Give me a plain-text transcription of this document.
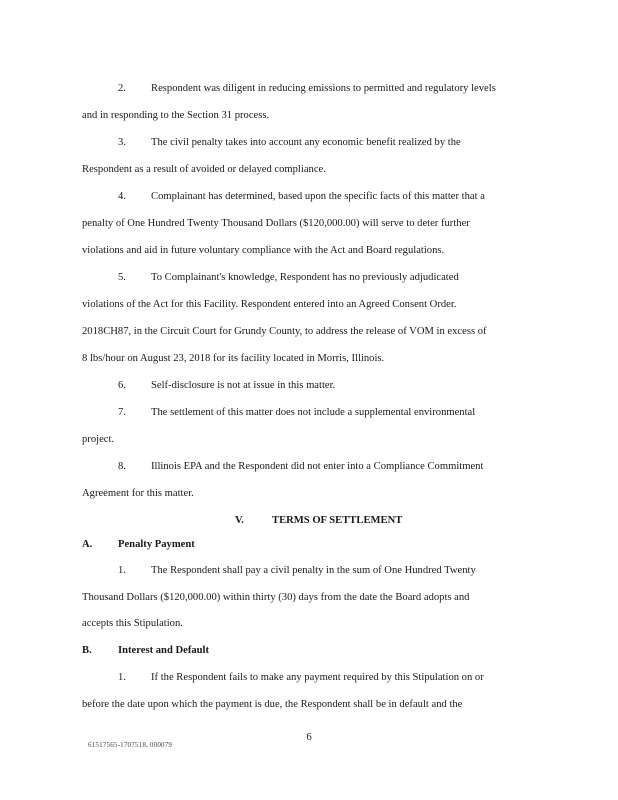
2. Respondent was diligent in reducing emissions to permitted and regulatory levels
and in responding to the Section 31 process.
3. The civil penalty takes into account any economic benefit realized by the
Respondent as a result of avoided or delayed compliance.
4. Complainant has determined, based upon the specific facts of this matter that a
penalty of One Hundred Twenty Thousand Dollars ($120,000.00) will serve to deter further
violations and aid in future voluntary compliance with the Act and Board regulations.
5. To Complainant's knowledge, Respondent has no previously adjudicated
violations of the Act for this Facility. Respondent entered into an Agreed Consent Order.
2018CH87, in the Circuit Court for Grundy County, to address the release of VOM in excess of
8 lbs/hour on August 23, 2018 for its facility located in Morris, Illinois.
6. Self-disclosure is not at issue in this matter.
7. The settlement of this matter does not include a supplemental environmental
project.
8. Illinois EPA and the Respondent did not enter into a Compliance Commitment
Agreement for this matter.
V.	TERMS OF SETTLEMENT
A. Penalty Payment
1. The Respondent shall pay a civil penalty in the sum of One Hundred Twenty
Thousand Dollars ($120,000.00) within thirty (30) days from the date the Board adopts and
accepts this Stipulation.
B. Interest and Default
1. If the Respondent fails to make any payment required by this Stipulation on or
before the date upon which the payment is due, the Respondent shall be in default and the
6
61517565-1707518, 000079
